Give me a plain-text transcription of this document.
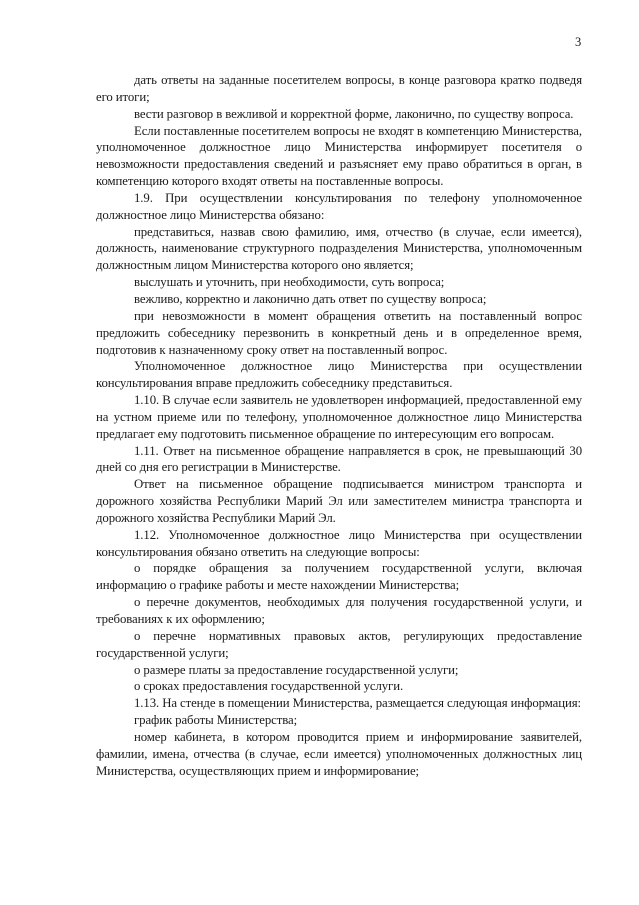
3

дать ответы на заданные посетителем вопросы, в конце разговора кратко подведя его итоги;

вести разговор в вежливой и корректной форме, лаконично, по существу вопроса.

Если поставленные посетителем вопросы не входят в компетенцию Министерства, уполномоченное должностное лицо Министерства информирует посетителя о невозможности предоставления сведений и разъясняет ему право обратиться в орган, в компетенцию которого входят ответы на поставленные вопросы.

1.9. При осуществлении консультирования по телефону уполномоченное должностное лицо Министерства обязано:

представиться, назвав свою фамилию, имя, отчество (в случае, если имеется), должность, наименование структурного подразделения Министерства, уполномоченным должностным лицом Министерства которого оно является;

выслушать и уточнить, при необходимости, суть вопроса;

вежливо, корректно и лаконично дать ответ по существу вопроса;

при невозможности в момент обращения ответить на поставленный вопрос предложить собеседнику перезвонить в конкретный день и в определенное время, подготовив к назначенному сроку ответ на поставленный вопрос.

Уполномоченное должностное лицо Министерства при осуществлении консультирования вправе предложить собеседнику представиться.

1.10. В случае если заявитель не удовлетворен информацией, предоставленной ему на устном приеме или по телефону, уполномоченное должностное лицо Министерства предлагает ему подготовить письменное обращение по интересующим его вопросам.

1.11. Ответ на письменное обращение направляется в срок, не превышающий 30 дней со дня его регистрации в Министерстве.

Ответ на письменное обращение подписывается министром транспорта и дорожного хозяйства Республики Марий Эл или заместителем министра транспорта и дорожного хозяйства Республики Марий Эл.

1.12. Уполномоченное должностное лицо Министерства при осуществлении консультирования обязано ответить на следующие вопросы:

о порядке обращения за получением государственной услуги, включая информацию о графике работы и месте нахождении Министерства;

о перечне документов, необходимых для получения государственной услуги, и требованиях к их оформлению;

о перечне нормативных правовых актов, регулирующих предоставление государственной услуги;

о размере платы за предоставление государственной услуги;

о сроках предоставления государственной услуги.

1.13. На стенде в помещении Министерства, размещается следующая информация:

график работы Министерства;

номер кабинета, в котором проводится прием и информирование заявителей, фамилии, имена, отчества (в случае, если имеется) уполномоченных должностных лиц Министерства, осуществляющих прием и информирование;
